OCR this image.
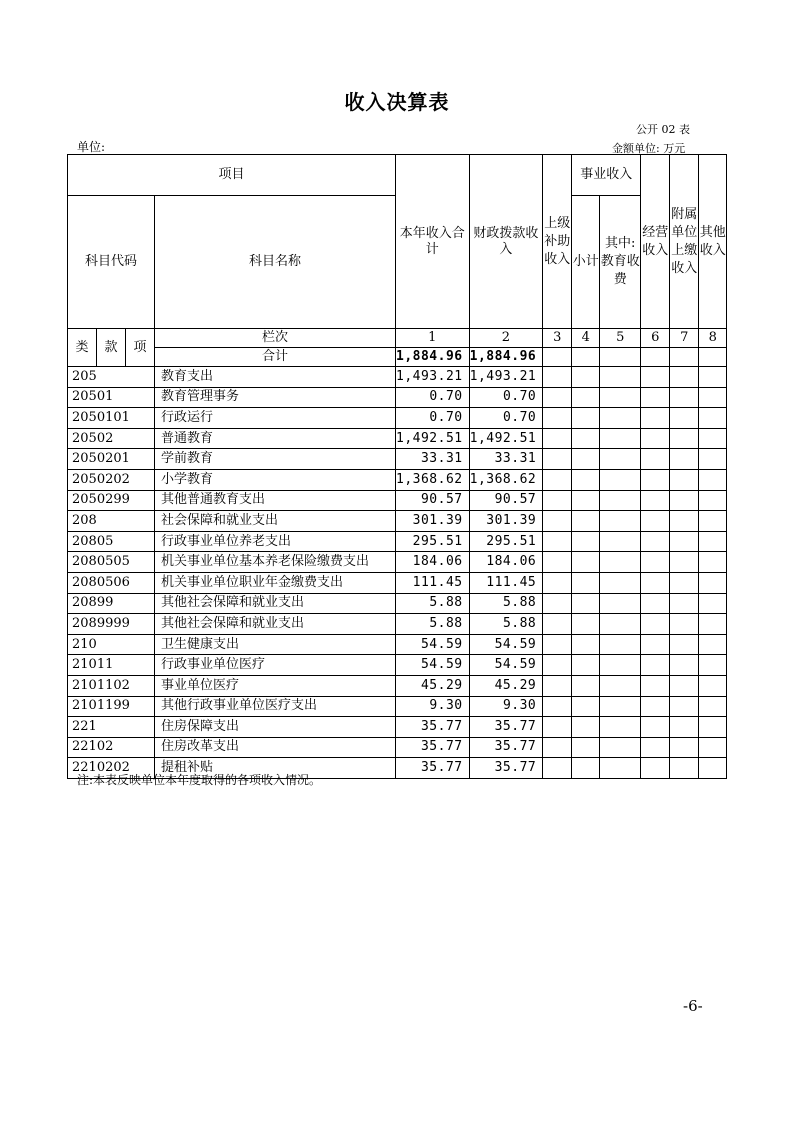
收入决算表
公开 02 表
单位:	金额单位: 万元
项目				本年收入合计	财政拨款收入	上级补助收入	事业收入		经营收入	附属单位上缴收入	其他收入
科目代码			科目名称				小计	其中:教育收费			
类	款	项	栏次	1	2	3	4	5	6	7	8
			合计	1,884.96	1,884.96						
205			教育支出	1,493.21	1,493.21						
20501			教育管理事务	0.70	0.70						
2050101			行政运行	0.70	0.70						
20502			普通教育	1,492.51	1,492.51						
2050201			学前教育	33.31	33.31						
2050202			小学教育	1,368.62	1,368.62						
2050299			其他普通教育支出	90.57	90.57						
208			社会保障和就业支出	301.39	301.39						
20805			行政事业单位养老支出	295.51	295.51						
2080505			机关事业单位基本养老保险缴费支出	184.06	184.06						
2080506			机关事业单位职业年金缴费支出	111.45	111.45						
20899			其他社会保障和就业支出	5.88	5.88						
2089999			其他社会保障和就业支出	5.88	5.88						
210			卫生健康支出	54.59	54.59						
21011			行政事业单位医疗	54.59	54.59						
2101102			事业单位医疗	45.29	45.29						
2101199			其他行政事业单位医疗支出	9.30	9.30						
221			住房保障支出	35.77	35.77						
22102			住房改革支出	35.77	35.77						
2210202			提租补贴	35.77	35.77						
注:本表反映单位本年度取得的各项收入情况。
-6-
